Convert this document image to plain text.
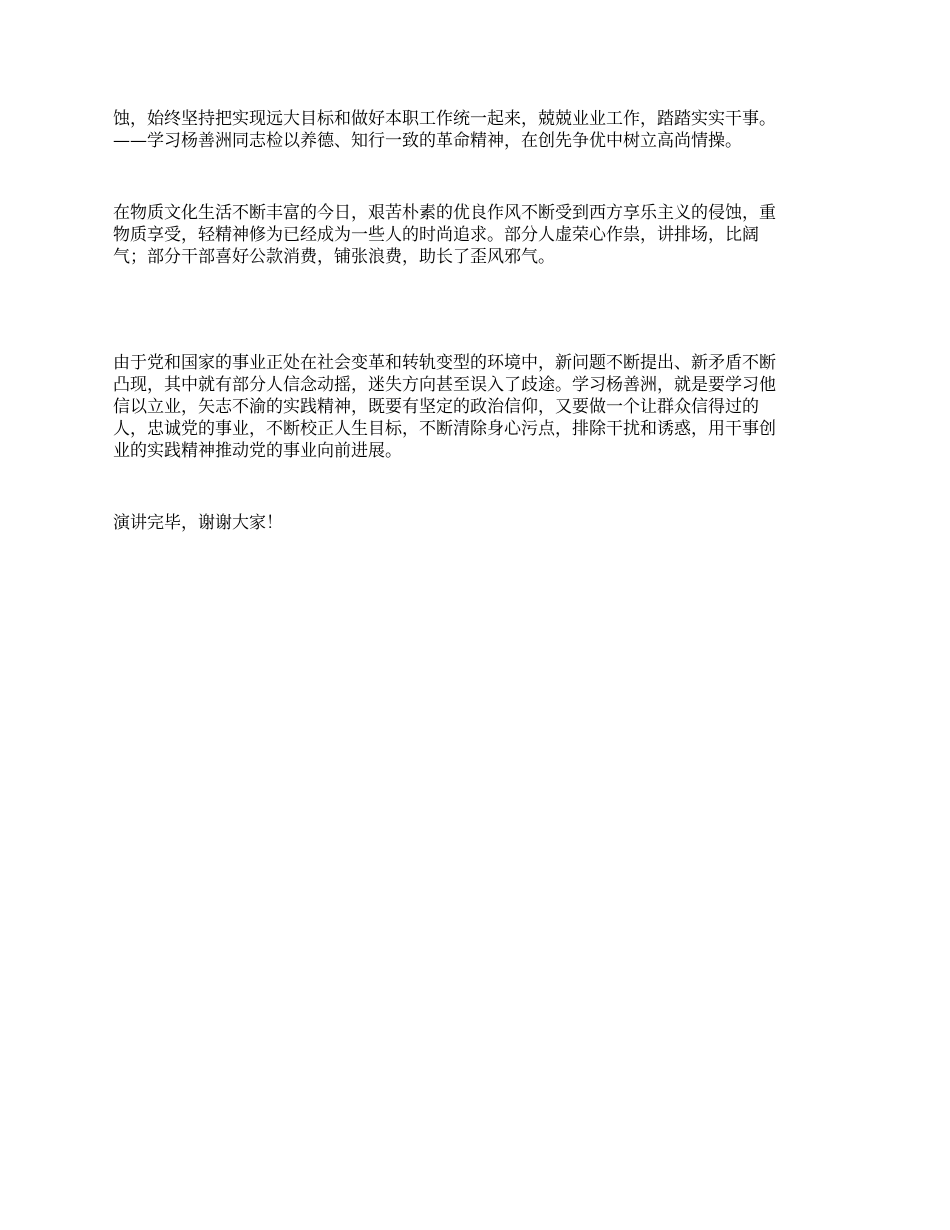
蚀，始终坚持把实现远大目标和做好本职工作统一起来，兢兢业业工作，踏踏实实干事。
——学习杨善洲同志检以养德、知行一致的革命精神，在创先争优中树立高尚情操。

在物质文化生活不断丰富的今日，艰苦朴素的优良作风不断受到西方享乐主义的侵蚀，重
物质享受，轻精神修为已经成为一些人的时尚追求。部分人虚荣心作祟，讲排场，比阔
气；部分干部喜好公款消费，铺张浪费，助长了歪风邪气。

由于党和国家的事业正处在社会变革和转轨变型的环境中，新问题不断提出、新矛盾不断
凸现，其中就有部分人信念动摇，迷失方向甚至误入了歧途。学习杨善洲，就是要学习他
信以立业，矢志不渝的实践精神，既要有坚定的政治信仰，又要做一个让群众信得过的
人，忠诚党的事业，不断校正人生目标，不断清除身心污点，排除干扰和诱惑，用干事创
业的实践精神推动党的事业向前进展。

演讲完毕，谢谢大家！
